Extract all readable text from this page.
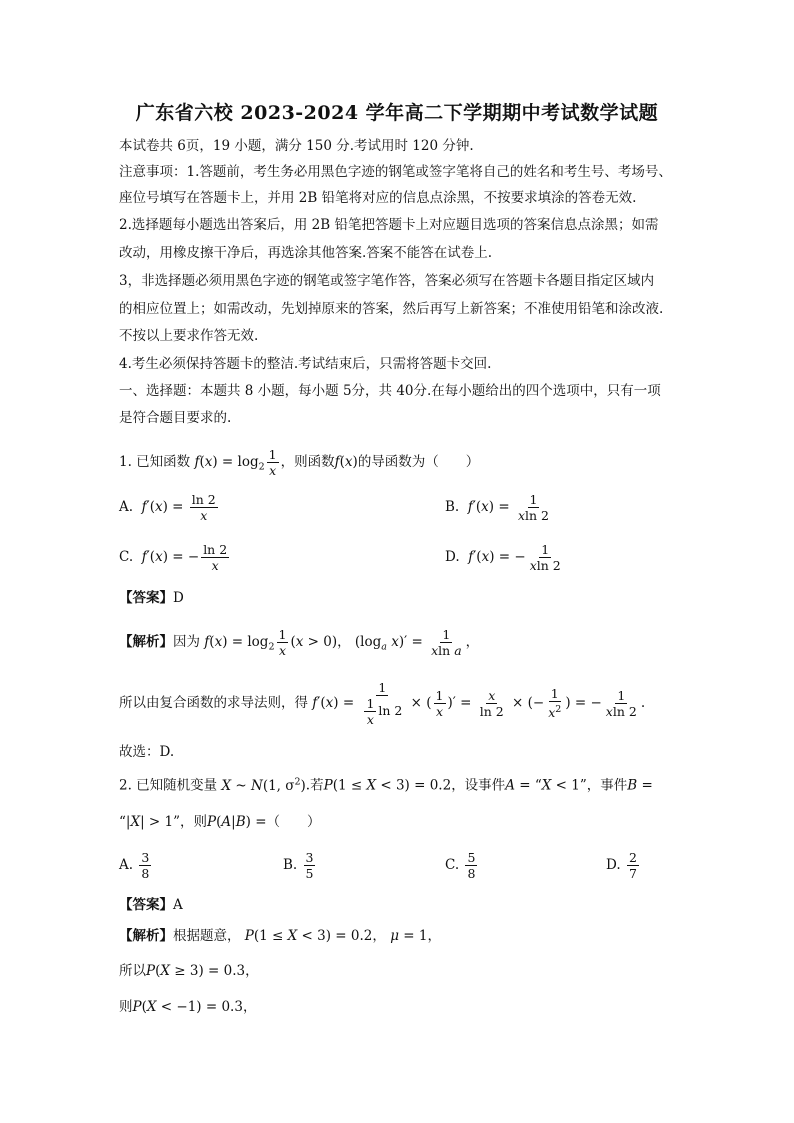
广东省六校 2023-2024 学年高二下学期期中考试数学试题
本试卷共 6页，19 小题，满分 150 分.考试用时 120 分钟.
注意事项：1.答题前，考生务必用黑色字迹的钢笔或签字笔将自己的姓名和考生号、考场号、
座位号填写在答题卡上，并用 2B 铅笔将对应的信息点涂黑，不按要求填涂的答卷无效.
2.选择题每小题选出答案后，用 2B 铅笔把答题卡上对应题目选项的答案信息点涂黑；如需
改动，用橡皮擦干净后，再选涂其他答案.答案不能答在试卷上.
3，非选择题必须用黑色字迹的钢笔或签字笔作答，答案必须写在答题卡各题目指定区域内
的相应位置上；如需改动，先划掉原来的答案，然后再写上新答案；不准使用铅笔和涂改液.
不按以上要求作答无效.
4.考生必须保持答题卡的整洁.考试结束后，只需将答题卡交回.
一、选择题：本题共 8 小题，每小题 5分，共 40分.在每小题给出的四个选项中，只有一项
是符合题目要求的.
1. 已知函数 $f(x) = \log_2 \frac{1}{x}$ ，则函数f(x)的导函数为（　　）
A. $f'(x) = \frac{\ln 2}{x}$	B. $f'(x) = \frac{1}{xln 2}$
C. f′(x) = − $\frac{\ln 2}{x}$	D. f′(x) = − $\frac{1}{xln 2}$
【答案】D
【解析】因为 $f(x) = \log_2 \frac{1}{x} (x > 0)$， ($\log_a$ $x)' = \frac{1}{\text{xln a}}$ ，
所以由复合函数的求导法则，得 $f'(x) = \frac{1}{\frac{1}{x} \ln 2}$ × ( $\frac{1}{x}$ )′ = $\frac{x}{\ln 2}$ × (− $\frac{1}{x^2}$ ) = − $\frac{1}{xln 2}$ .
故选：D.
2. 已知随机变量 X ~ N(1, $\sigma^2$).若P(1 ≤ X < 3) = 0.2，设事件A = “X < 1”，事件B =
“|X| > 1”，则P(A|B) =（　　）
A. $\frac{3}{8}$	B. $\frac{3}{5}$	C. $\frac{5}{8}$	D. $\frac{2}{7}$
【答案】A
【解析】根据题意， P(1 ≤ X < 3) = 0.2， μ = 1，
所以P(X ≥ 3) = 0.3，
则P(X < −1) = 0.3，
